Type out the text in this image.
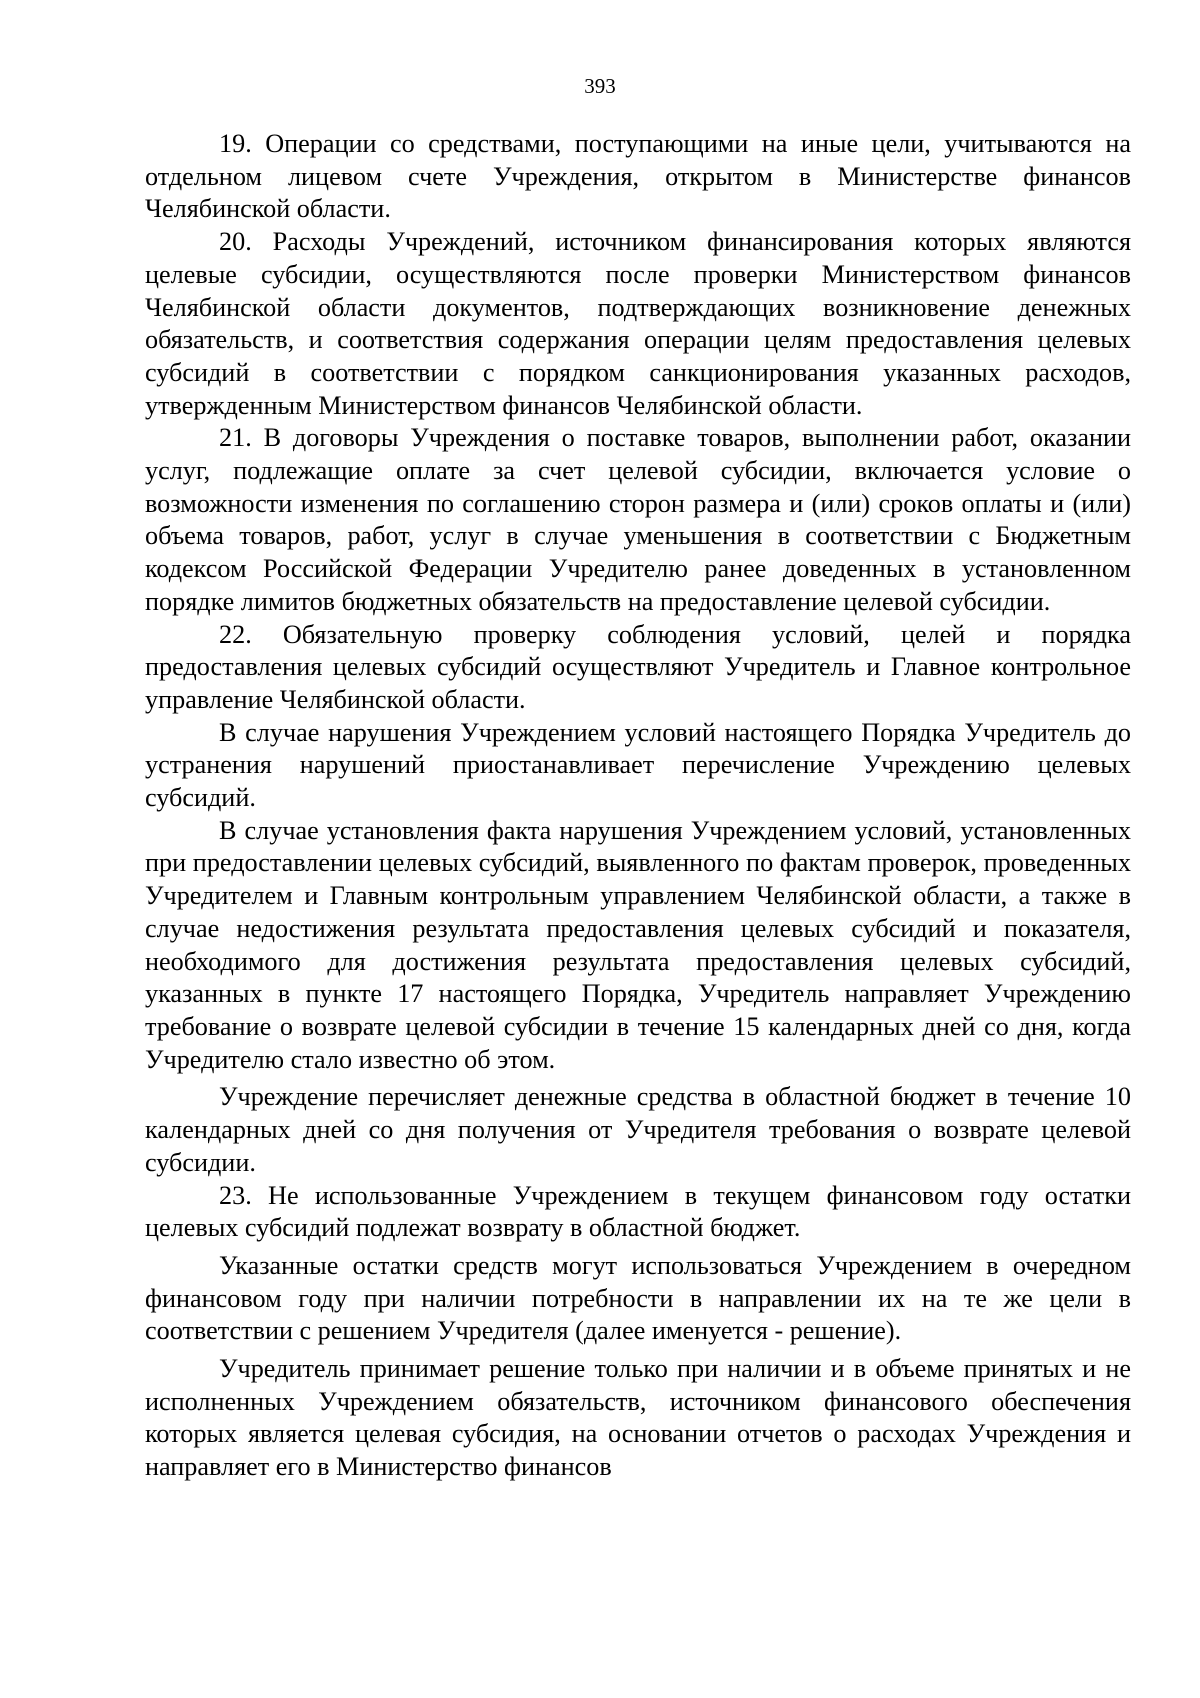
393

19. Операции со средствами, поступающими на иные цели, учитываются на отдельном лицевом счете Учреждения, открытом в Министерстве финансов Челябинской области.

20. Расходы Учреждений, источником финансирования которых являются целевые субсидии, осуществляются после проверки Министерством финансов Челябинской области документов, подтверждающих возникновение денежных обязательств, и соответствия содержания операции целям предоставления целевых субсидий в соответствии с порядком санкционирования указанных расходов, утвержденным Министерством финансов Челябинской области.

21. В договоры Учреждения о поставке товаров, выполнении работ, оказании услуг, подлежащие оплате за счет целевой субсидии, включается условие о возможности изменения по соглашению сторон размера и (или) сроков оплаты и (или) объема товаров, работ, услуг в случае уменьшения в соответствии с Бюджетным кодексом Российской Федерации Учредителю ранее доведенных в установленном порядке лимитов бюджетных обязательств на предоставление целевой субсидии.

22. Обязательную проверку соблюдения условий, целей и порядка предоставления целевых субсидий осуществляют Учредитель и Главное контрольное управление Челябинской области.

В случае нарушения Учреждением условий настоящего Порядка Учредитель до устранения нарушений приостанавливает перечисление Учреждению целевых субсидий.

В случае установления факта нарушения Учреждением условий, установленных при предоставлении целевых субсидий, выявленного по фактам проверок, проведенных Учредителем и Главным контрольным управлением Челябинской области, а также в случае недостижения результата предоставления целевых субсидий и показателя, необходимого для достижения результата предоставления целевых субсидий, указанных в пункте 17 настоящего Порядка, Учредитель направляет Учреждению требование о возврате целевой субсидии в течение 15 календарных дней со дня, когда Учредителю стало известно об этом.

Учреждение перечисляет денежные средства в областной бюджет в течение 10 календарных дней со дня получения от Учредителя требования о возврате целевой субсидии.

23. Не использованные Учреждением в текущем финансовом году остатки целевых субсидий подлежат возврату в областной бюджет.

Указанные остатки средств могут использоваться Учреждением в очередном финансовом году при наличии потребности в направлении их на те же цели в соответствии с решением Учредителя (далее именуется - решение).

Учредитель принимает решение только при наличии и в объеме принятых и не исполненных Учреждением обязательств, источником финансового обеспечения которых является целевая субсидия, на основании отчетов о расходах Учреждения и направляет его в Министерство финансов
